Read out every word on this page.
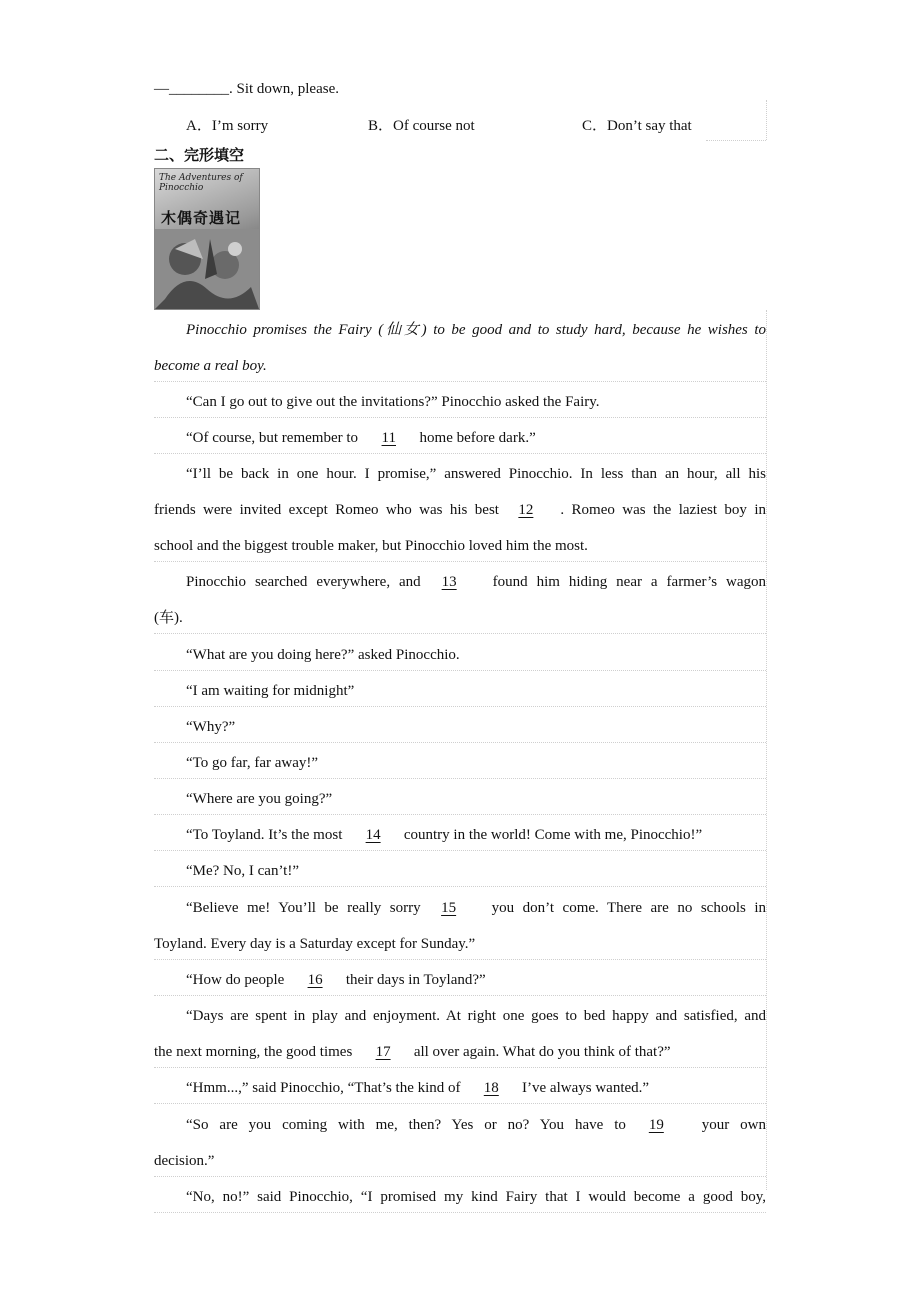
—________. Sit down, please.
A．I’m sorry	B．Of course not	C．Don’t say that
二、完形填空
The Adventures of Pinocchio
木偶奇遇记
Pinocchio promises the Fairy (仙女) to be good and to study hard, because he wishes to
become a real boy.
“Can I go out to give out the invitations?” Pinocchio asked the Fairy.
“Of course, but remember to 11 home before dark.”
“I’ll be back in one hour. I promise,” answered Pinocchio. In less than an hour, all his
friends were invited except Romeo who was his best 12 . Romeo was the laziest boy in
school and the biggest trouble maker, but Pinocchio loved him the most.
Pinocchio searched everywhere, and 13 found him hiding near a farmer’s wagon
(车).
“What are you doing here?” asked Pinocchio.
“I am waiting for midnight”
“Why?”
“To go far, far away!”
“Where are you going?”
“To Toyland. It’s the most 14 country in the world! Come with me, Pinocchio!”
“Me? No, I can’t!”
“Believe me! You’ll be really sorry 15 you don’t come. There are no schools in
Toyland. Every day is a Saturday except for Sunday.”
“How do people 16 their days in Toyland?”
“Days are spent in play and enjoyment. At right one goes to bed happy and satisfied, and
the next morning, the good times 17 all over again. What do you think of that?”
“Hmm...,” said Pinocchio, “That’s the kind of 18 I’ve always wanted.”
“So are you coming with me, then? Yes or no? You have to 19	your own
decision.”
“No, no!” said Pinocchio, “I promised my kind Fairy that I would become a good boy,
